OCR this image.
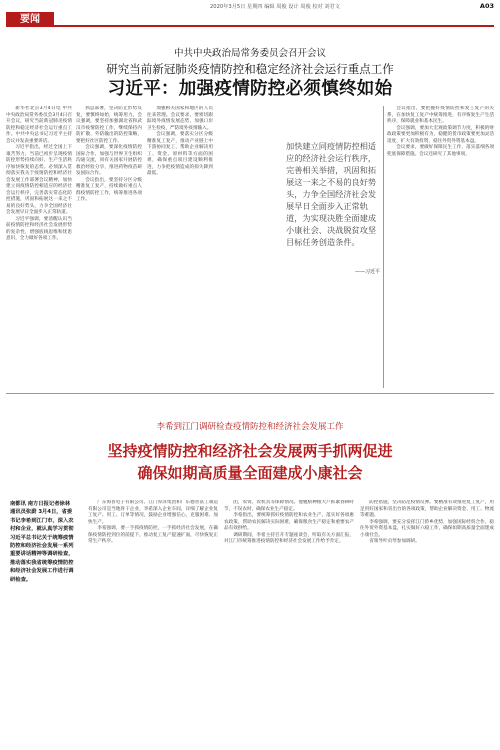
2020年3月5日 星期四 编辑 周俊 设计 周俊 校对 刘君文	A03
要闻
中共中央政治局常务委员会召开会议
研究当前新冠肺炎疫情防控和稳定经济社会运行重点工作
习近平：加强疫情防控必须慎终如始

新华社北京3月4日电 中共中央政治局常务委员会3月4日召开会议，研究当前新冠肺炎疫情防控和稳定经济社会运行重点工作。中共中央总书记习近平主持会议并发表重要讲话。

习近平指出，经过全国上下艰苦努力，当前已初步呈现疫情防控形势持续向好、生产生活秩序加快恢复的态势。必须深入贯彻落实我关于疫情防控和经济社会发展工作部署会议精神，加快建立同疫情防控相适应的经济社会运行秩序，完善落实常态化防控措施，巩固和拓展这一来之不易的良好势头，力争全国经济社会发展早日全面步入正常轨道。

习近平强调，要清醒认识当前疫情防控和经济社会发展形势的复杂性，增强底线思维和忧患意识，全力做好各项工作。

抓总部署，坚决防止形势反复，要慎终如始，统筹用力。会议强调，要坚持加强湖北省和武汉市疫情防控工作，继续保持内防扩散、外防输出的防控策略，要把好社区防控工作。

会议强调，要深化疫情防控国际合作，加强与世界卫生组织沟通交流，同有关国家开展防控救治经验分享，推进药物疫苗研发国际合作。

会议指出，要坚持分区分级精准复工复产，持续做好重点人群疫情防控工作，统筹推进各项工作。

加强相关国家和地区的人员往来管理。会议要求，要密切跟踪境外疫情发展态势，加强口岸卫生检疫，严防境外疫情输入。

会议强调，要落实分区分级精准复工复产，推动产业链上中下游协同复工，帮助企业解决用工、资金、原材料等方面的困难，确保重点项目建设顺利推进，力争把疫情造成的损失降到最低。

加快建立同疫情防控相适应的经济社会运行秩序，完善相关举措，巩固和拓展这一来之不易的良好势头，力争全国经济社会发展早日全面步入正常轨道，为实现决胜全面建成小康社会、决战脱贫攻坚目标任务创造条件。
——习近平

会议指出，要把握好疫情防控和复工复产的关系，在加快复工复产中统筹推进，有序恢复生产生活秩序，保障就业和基本民生。

会议强调，要加大宏观政策调节力度，积极的财政政策要更加积极有为，稳健的货币政策要更加灵活适度，扩大有效投资，稳住外贸外资基本盘。

会议要求，要做好保障民生工作，落实落细各项兜底保障措施。会议还研究了其他事项。

李希到江门调研检查疫情防控和经济社会发展工作
坚持疫情防控和经济社会发展两手抓两促进
确保如期高质量全面建成小康社会
南都讯 南方日报记者徐林 通讯员张蔚 3月4日，省委书记李希到江门市，深入农村和企业，就认真学习贯彻习近平总书记关于统筹疫情防控和经济社会发展一系列重要讲话精神等调研检查，推动落实我省统筹疫情防控和经济社会发展工作进行调研检查。

广东海普电子有限公司、江门厚泽集团和广东德普富工制造有限公司是当地骨干企业，李希深入企业车间，详细了解企业复工复产、用工、订单等情况，鼓励企业增强信心、克服困难、加快生产。

李希强调，要一手抓疫情防控，一手抓经济社会发展，在确保疫情防控到位的前提下，推动复工复产提速扩面，尽快恢复正常生产秩序。

团，农资、农机具等保障情况。他勉励种粮大户抓紧春耕时节，不误农时，确保农业生产稳定。

李希指出，要统筹抓好疫情防控和农业生产，落实好各项惠农政策，帮助农民解决实际困难，确保粮食生产稳定和重要农产品有效供给。

调研期间，李希主持召开专题座谈会，听取有关方面汇报，对江门市统筹推进疫情防控和经济社会发展工作给予肯定。

防控措施，坚决防范疫情反弹。要精准有效推进复工复产，用足用好国家和省出台的各项政策，帮助企业解决资金、用工、物流等难题。

李希强调，要充分发挥江门侨乡优势，加强国际经贸合作，稳住外贸外资基本盘，扎实做好六稳工作，确保如期高质量全面建成小康社会。

省领导叶贞琴参加调研。
